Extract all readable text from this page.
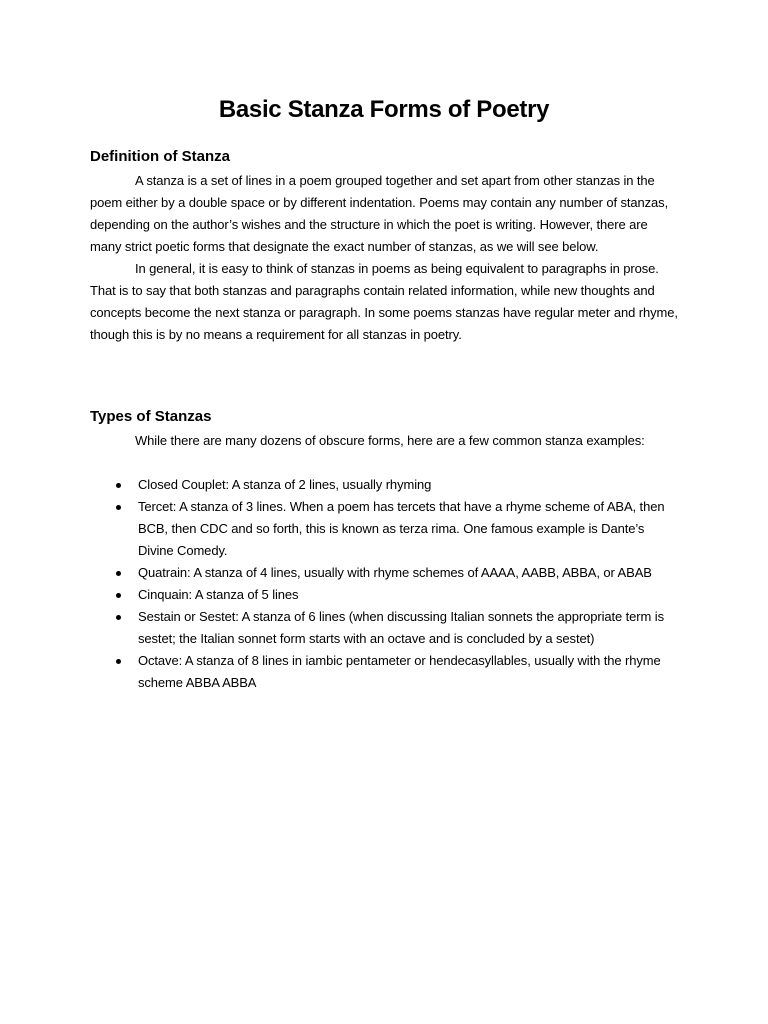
Basic Stanza Forms of Poetry
Definition of Stanza

A stanza is a set of lines in a poem grouped together and set apart from other stanzas in the poem either by a double space or by different indentation. Poems may contain any number of stanzas, depending on the author’s wishes and the structure in which the poet is writing. However, there are many strict poetic forms that designate the exact number of stanzas, as we will see below.

In general, it is easy to think of stanzas in poems as being equivalent to paragraphs in prose. That is to say that both stanzas and paragraphs contain related information, while new thoughts and concepts become the next stanza or paragraph. In some poems stanzas have regular meter and rhyme, though this is by no means a requirement for all stanzas in poetry.

Types of Stanzas

While there are many dozens of obscure forms, here are a few common stanza examples:

Closed Couplet: A stanza of 2 lines, usually rhyming
Tercet: A stanza of 3 lines. When a poem has tercets that have a rhyme scheme of ABA, then BCB, then CDC and so forth, this is known as terza rima. One famous example is Dante’s Divine Comedy.
Quatrain: A stanza of 4 lines, usually with rhyme schemes of AAAA, AABB, ABBA, or ABAB
Cinquain: A stanza of 5 lines
Sestain or Sestet: A stanza of 6 lines (when discussing Italian sonnets the appropriate term is sestet; the Italian sonnet form starts with an octave and is concluded by a sestet)
Octave: A stanza of 8 lines in iambic pentameter or hendecasyllables, usually with the rhyme scheme ABBA ABBA
